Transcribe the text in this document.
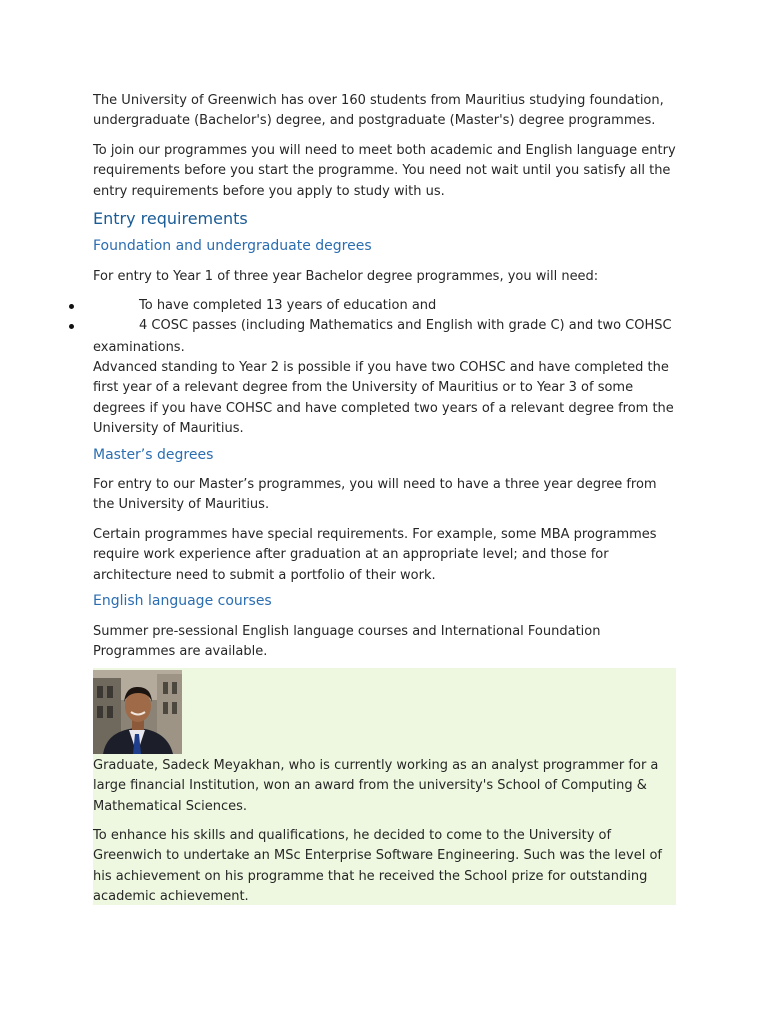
The University of Greenwich has over 160 students from Mauritius studying foundation, undergraduate (Bachelor's) degree, and postgraduate (Master's) degree programmes.

To join our programmes you will need to meet both academic and English language entry requirements before you start the programme. You need not wait until you satisfy all the entry requirements before you apply to study with us.

Entry requirements
Foundation and undergraduate degrees

For entry to Year 1 of three year Bachelor degree programmes, you will need:

To have completed 13 years of education and
4 COSC passes (including Mathematics and English with grade C) and two COHSC

examinations.

Advanced standing to Year 2 is possible if you have two COHSC and have completed the first year of a relevant degree from the University of Mauritius or to Year 3 of some degrees if you have COHSC and have completed two years of a relevant degree from the University of Mauritius.

Master’s degrees

For entry to our Master’s programmes, you will need to have a three year degree from the University of Mauritius.

Certain programmes have special requirements. For example, some MBA programmes require work experience after graduation at an appropriate level; and those for architecture need to submit a portfolio of their work.

English language courses

Summer pre-sessional English language courses and International Foundation Programmes are available.

Graduate, Sadeck Meyakhan, who is currently working as an analyst programmer for a large financial Institution, won an award from the university's School of Computing & Mathematical Sciences.

To enhance his skills and qualifications, he decided to come to the University of Greenwich to undertake an MSc Enterprise Software Engineering. Such was the level of his achievement on his programme that he received the School prize for outstanding academic achievement.
